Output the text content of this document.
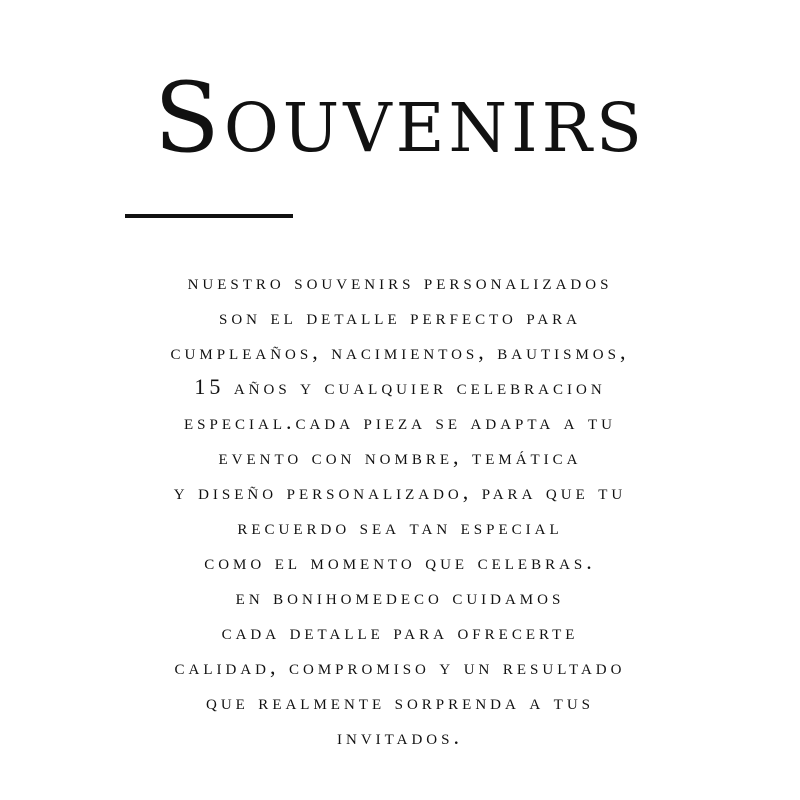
Souvenirs
nuestro souvenirs personalizados
son el detalle perfecto para
cumpleaños, nacimientos, bautismos,
15 años y cualquier celebracion
especial.cada pieza se adapta a tu
evento con nombre, temática
y diseño personalizado, para que tu
recuerdo sea tan especial
como el momento que celebras.
en bonihomedeco cuidamos
cada detalle para ofrecerte
calidad, compromiso y un resultado
que realmente sorprenda a tus
invitados.
